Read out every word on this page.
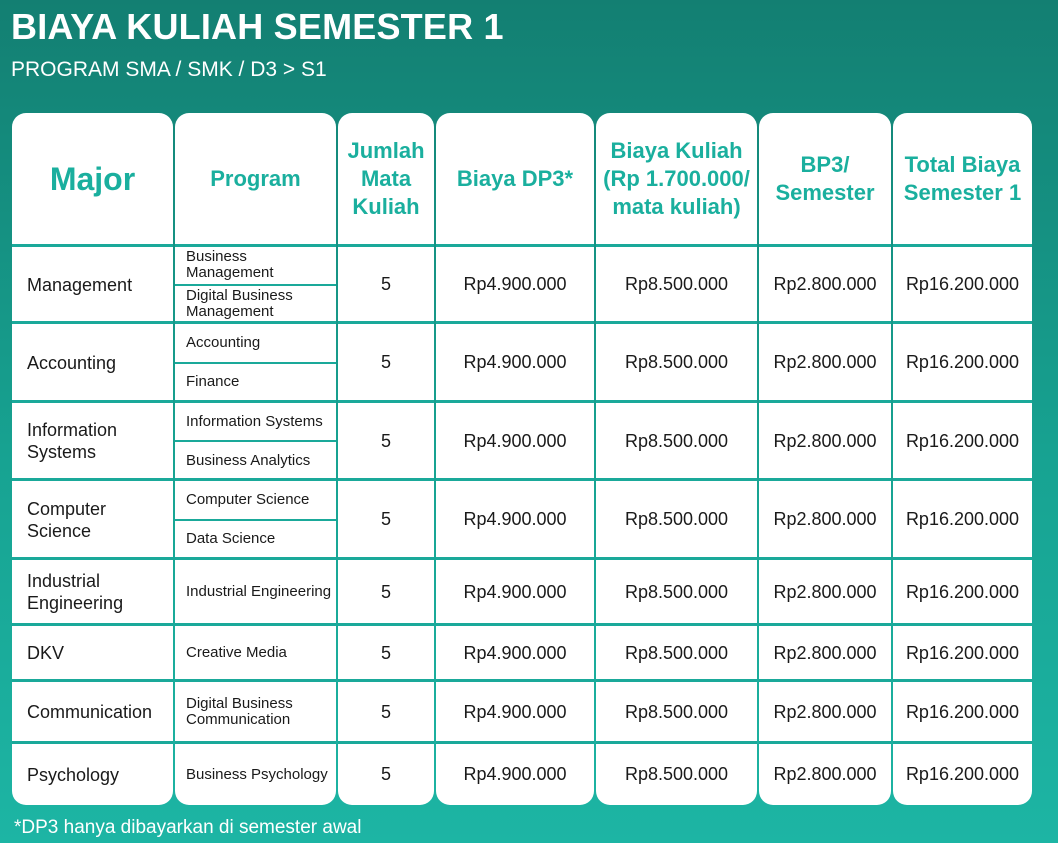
BIAYA KULIAH SEMESTER 1
PROGRAM SMA / SMK / D3 > S1
Major
Management
Accounting
Information Systems
Computer Science
Industrial Engineering
DKV
Communication
Psychology
Program
Business Management
Digital Business Management
Accounting
Finance
Information Systems
Business Analytics
Computer Science
Data Science
Industrial Engineering
Creative Media
Digital Business Communication
Business Psychology
Jumlah Mata Kuliah
5
5
5
5
5
5
5
5
Biaya DP3*
Rp4.900.000
Rp4.900.000
Rp4.900.000
Rp4.900.000
Rp4.900.000
Rp4.900.000
Rp4.900.000
Rp4.900.000
Biaya Kuliah (Rp 1.700.000/ mata kuliah)
Rp8.500.000
Rp8.500.000
Rp8.500.000
Rp8.500.000
Rp8.500.000
Rp8.500.000
Rp8.500.000
Rp8.500.000
BP3/ Semester
Rp2.800.000
Rp2.800.000
Rp2.800.000
Rp2.800.000
Rp2.800.000
Rp2.800.000
Rp2.800.000
Rp2.800.000
Total Biaya Semester 1
Rp16.200.000
Rp16.200.000
Rp16.200.000
Rp16.200.000
Rp16.200.000
Rp16.200.000
Rp16.200.000
Rp16.200.000
*DP3 hanya dibayarkan di semester awal
